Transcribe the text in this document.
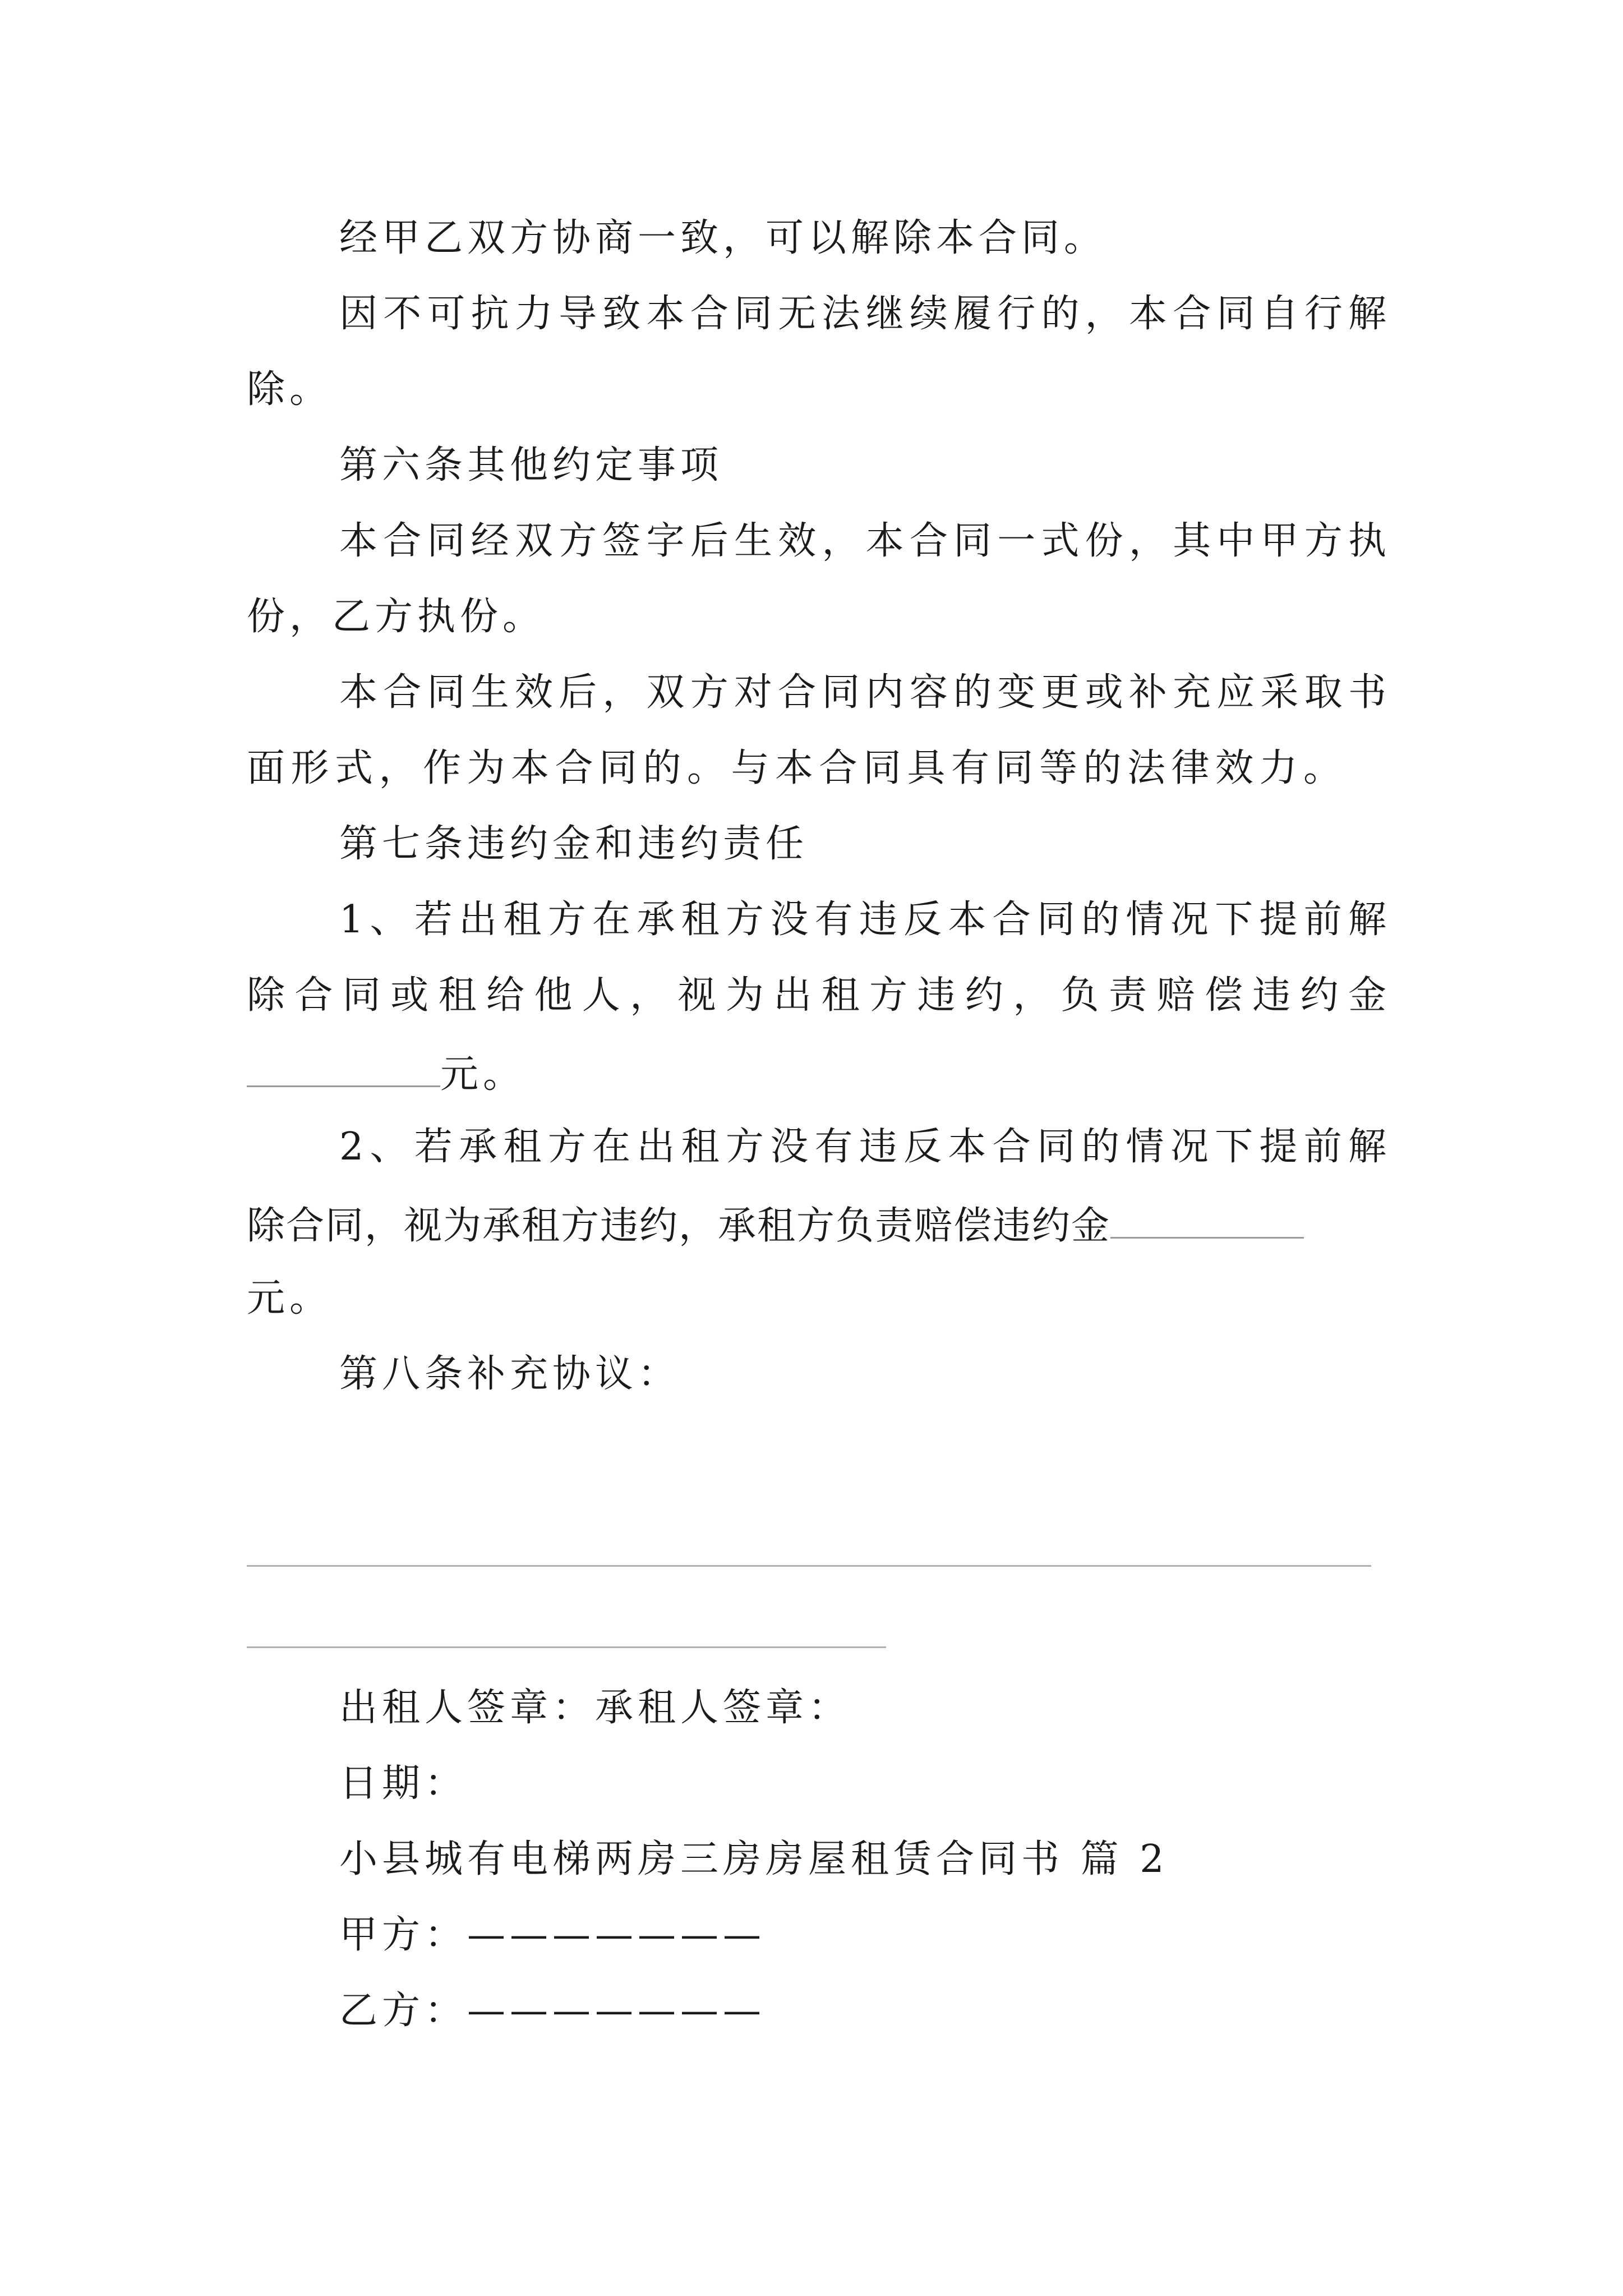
经甲乙双方协商一致，可以解除本合同。
因不可抗力导致本合同无法继续履行的，本合同自行解
除。
第六条其他约定事项
本合同经双方签字后生效，本合同一式份，其中甲方执
份，乙方执份。
本合同生效后，双方对合同内容的变更或补充应采取书
面形式，作为本合同的。与本合同具有同等的法律效力。
第七条违约金和违约责任
1、若出租方在承租方没有违反本合同的情况下提前解
除合同或租给他人，视为出租方违约，负责赔偿违约金
元。
2、若承租方在出租方没有违反本合同的情况下提前解
除合同，视为承租方违约，承租方负责赔偿违约金
元。
第八条补充协议：
出租人签章：承租人签章：
日期：
小县城有电梯两房三房房屋租赁合同书 篇 2
甲方：———————
乙方：———————
